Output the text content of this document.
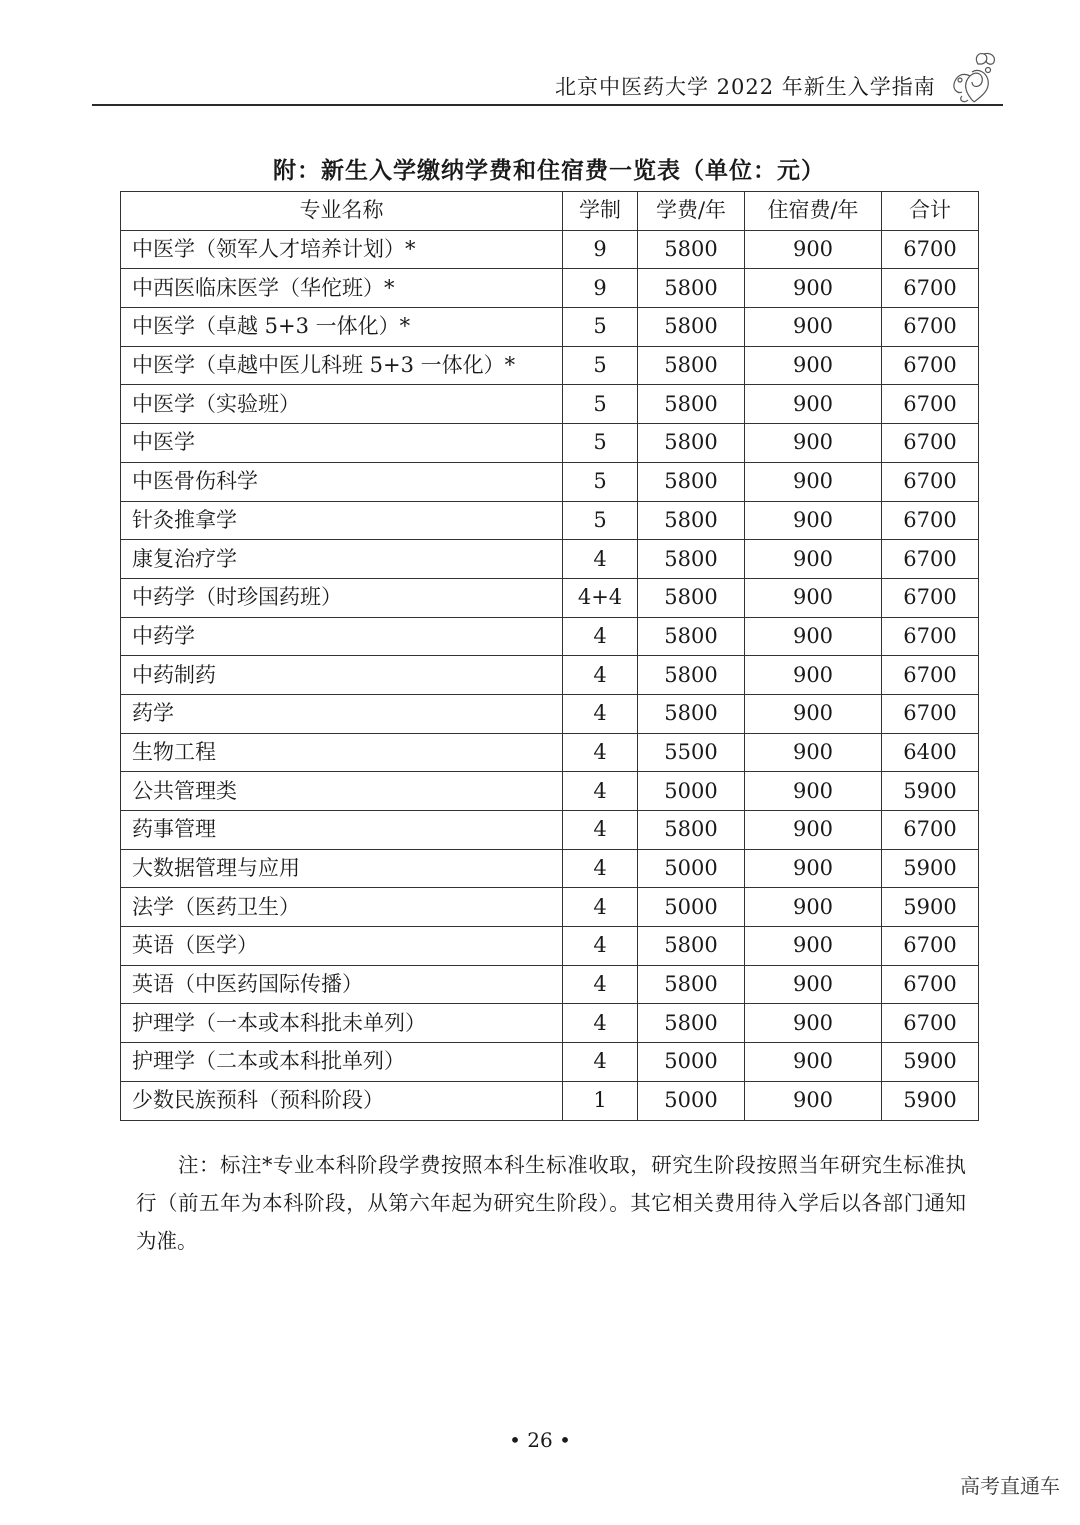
北京中医药大学 2022 年新生入学指南
附：新生入学缴纳学费和住宿费一览表（单位：元）
专业名称	学制	学费/年	住宿费/年	合计
中医学（领军人才培养计划）*	9	5800	900	6700
中西医临床医学（华佗班）*	9	5800	900	6700
中医学（卓越 5+3 一体化）*	5	5800	900	6700
中医学（卓越中医儿科班 5+3 一体化）*	5	5800	900	6700
中医学（实验班）	5	5800	900	6700
中医学	5	5800	900	6700
中医骨伤科学	5	5800	900	6700
针灸推拿学	5	5800	900	6700
康复治疗学	4	5800	900	6700
中药学（时珍国药班）	4+4	5800	900	6700
中药学	4	5800	900	6700
中药制药	4	5800	900	6700
药学	4	5800	900	6700
生物工程	4	5500	900	6400
公共管理类	4	5000	900	5900
药事管理	4	5800	900	6700
大数据管理与应用	4	5000	900	5900
法学（医药卫生）	4	5000	900	5900
英语（医学）	4	5800	900	6700
英语（中医药国际传播）	4	5800	900	6700
护理学（一本或本科批未单列）	4	5800	900	6700
护理学（二本或本科批单列）	4	5000	900	5900
少数民族预科（预科阶段）	1	5000	900	5900
注：标注*专业本科阶段学费按照本科生标准收取，研究生阶段按照当年研究生标准执行（前五年为本科阶段，从第六年起为研究生阶段）。其它相关费用待入学后以各部门通知为准。
• 26 •
高考直通车
